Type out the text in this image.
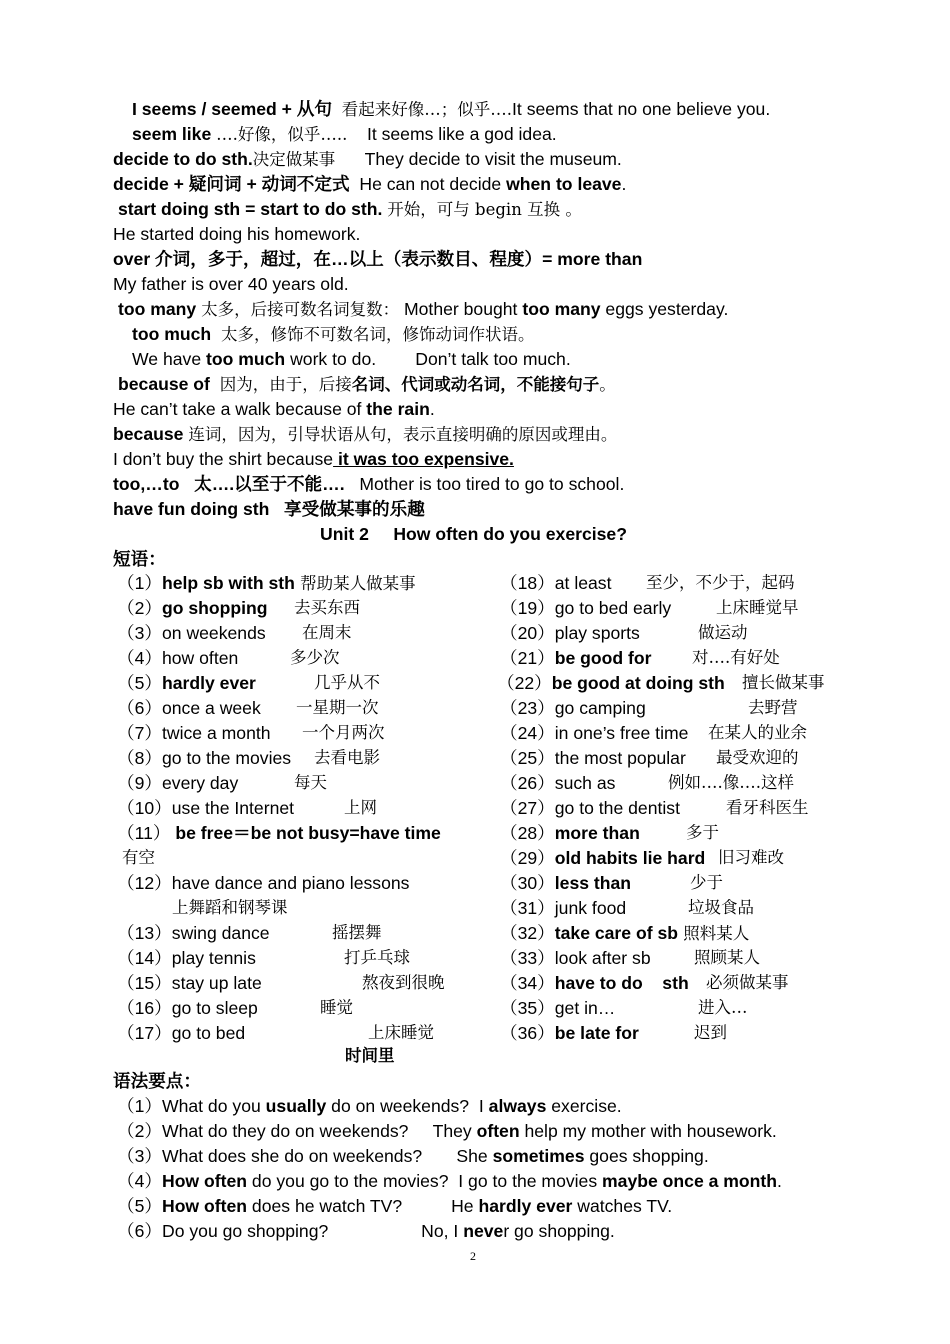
I seems / seemed + 从句 看起来好像…；似乎….It seems that no one believe you.
seem like ….好像，似乎….. It seems like a god idea.
decide to do sth.决定做某事 They decide to visit the museum.
decide + 疑问词 + 动词不定式 He can not decide when to leave.
start doing sth = start to do sth. 开始，可与 begin 互换 。
He started doing his homework.
over 介词，多于，超过，在…以上（表示数目、程度）= more than
My father is over 40 years old.
too many 太多，后接可数名词复数： Mother bought too many eggs yesterday.
too much 太多，修饰不可数名词，修饰动词作状语。
We have too much work to do. Don’t talk too much.
because of 因为，由于，后接名词、代词或动名词，不能接句子。
He can’t take a walk because of the rain.
because 连词，因为，引导状语从句，表示直接明确的原因或理由。
I don’t buy the shirt because it was too expensive.
too,…to   太….以至于不能…. Mother is too tired to go to school.
have fun doing sth   享受做某事的乐趣
Unit 2     How often do you exercise?
短语：
（1）help sb with sth 帮助某人做某事
（2）go shopping 去买东西
（3）on weekends 在周末
（4）how often	多少次
（5）hardly ever	几乎从不
（6）once a week 一星期一次
（7）twice a month 一个月两次
（8）go to the movies 去看电影
（9）every day	每天
（10）use the Internet	上网
（11） be free＝be not busy=have time
有空
（12）have dance and piano lessons
上舞蹈和钢琴课
（13）swing dance	摇摆舞
（14）play tennis	打乒乓球
（15）stay up late	熬夜到很晚
（16）go to sleep	睡觉
（17）go to bed	上床睡觉
时间里
（18）at least 至少，不少于，起码
（19）go to bed early	上床睡觉早
（20）play sports	做运动
（21）be good for 对….有好处
（22）be good at doing sth 擅长做某事
（23）go camping	去野营
（24）in one’s free time 在某人的业余
（25）the most popular 最受欢迎的
（26）such as	例如….像….这样
（27）go to the dentist	看牙科医生
（28）more than	多于
（29）old habits lie hard 旧习难改
（30）less than	少于
（31）junk food	垃圾食品
（32）take care of sb 照料某人
（33）look after sb	照顾某人
（34）have to do    sth 必须做某事
（35）get in…	进入…
（36）be late for	迟到
语法要点：
（1）What do you usually do on weekends?  I always exercise.
（2）What do they do on weekends?     They often help my mother with housework.
（3）What does she do on weekends?       She sometimes goes shopping.
（4）How often do you go to the movies?  I go to the movies maybe once a month.
（5）How often does he watch TV?          He hardly ever watches TV.
（6）Do you go shopping?                   No, I never go shopping.
2
